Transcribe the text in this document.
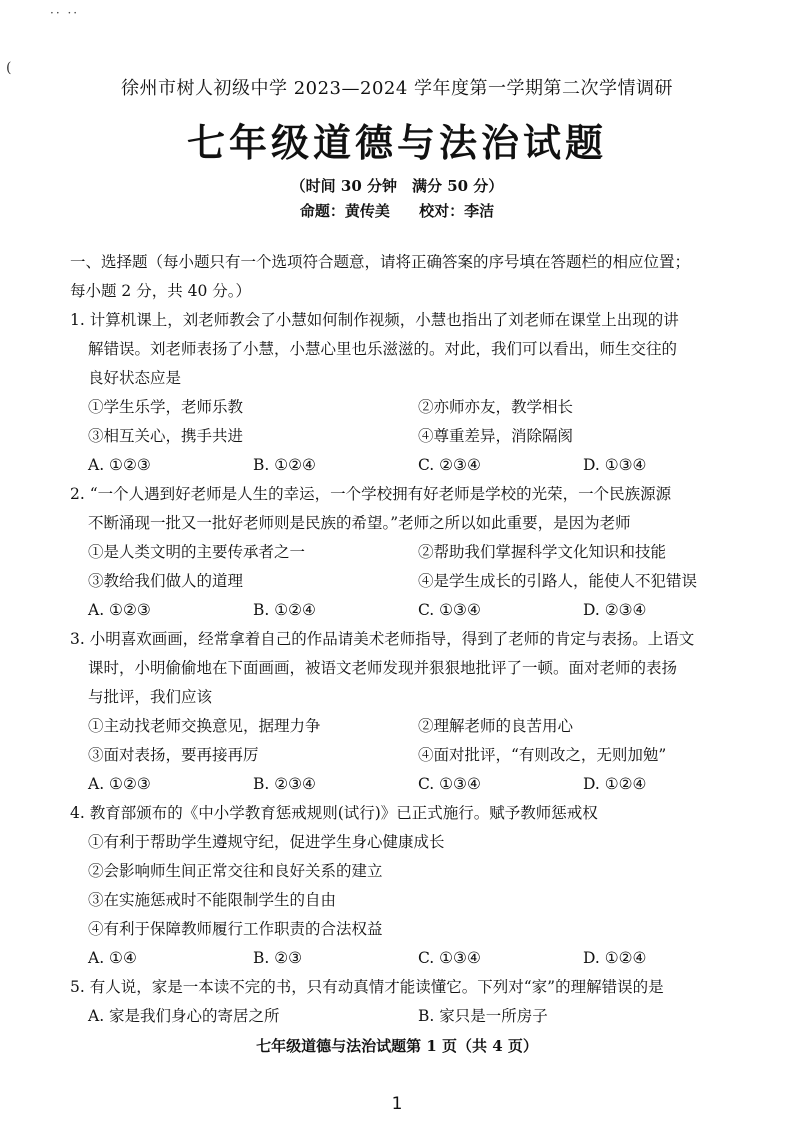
·· ··
(
徐州市树人初级中学 2023—2024 学年度第一学期第二次学情调研
七年级道德与法治试题
（时间 30 分钟　满分 50 分）
命题：黄传美 校对：李洁
一、选择题（每小题只有一个选项符合题意，请将正确答案的序号填在答题栏的相应位置；
每小题 2 分，共 40 分。）
1. 计算机课上，刘老师教会了小慧如何制作视频，小慧也指出了刘老师在课堂上出现的讲
解错误。刘老师表扬了小慧，小慧心里也乐滋滋的。对此，我们可以看出，师生交往的
良好状态应是
①学生乐学，老师乐教	②亦师亦友，教学相长
③相互关心，携手共进	④尊重差异，消除隔阂
A. ①②③	B. ①②④	C. ②③④	D. ①③④
2. “一个人遇到好老师是人生的幸运，一个学校拥有好老师是学校的光荣，一个民族源源
不断涌现一批又一批好老师则是民族的希望。”老师之所以如此重要，是因为老师
①是人类文明的主要传承者之一	②帮助我们掌握科学文化知识和技能
③教给我们做人的道理	④是学生成长的引路人，能使人不犯错误
A. ①②③	B. ①②④	C. ①③④	D. ②③④
3. 小明喜欢画画，经常拿着自己的作品请美术老师指导，得到了老师的肯定与表扬。上语文
课时，小明偷偷地在下面画画，被语文老师发现并狠狠地批评了一顿。面对老师的表扬
与批评，我们应该
①主动找老师交换意见，据理力争	②理解老师的良苦用心
③面对表扬，要再接再厉	④面对批评，“有则改之，无则加勉”
A. ①②③	B. ②③④	C. ①③④	D. ①②④
4. 教育部颁布的《中小学教育惩戒规则(试行)》已正式施行。赋予教师惩戒权
①有利于帮助学生遵规守纪，促进学生身心健康成长
②会影响师生间正常交往和良好关系的建立
③在实施惩戒时不能限制学生的自由
④有利于保障教师履行工作职责的合法权益
A. ①④	B. ②③	C. ①③④	D. ①②④
5. 有人说，家是一本读不完的书，只有动真情才能读懂它。下列对“家”的理解错误的是
A. 家是我们身心的寄居之所	B. 家只是一所房子
七年级道德与法治试题第 1 页（共 4 页）
1
